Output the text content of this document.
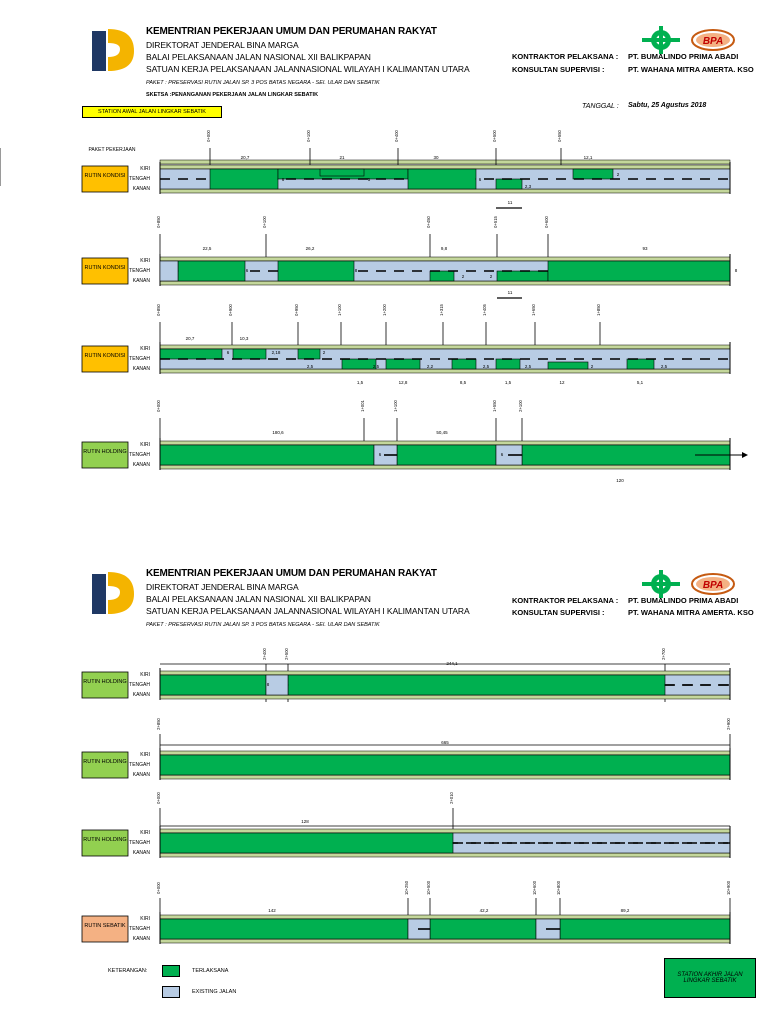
KEMENTRIAN PEKERJAAN UMUM DAN PERUMAHAN RAKYAT
DIREKTORAT JENDERAL BINA MARGA
BALAI PELAKSANAAN JALAN NASIONAL XII BALIKPAPAN
SATUAN KERJA PELAKSANAAN JALANNASIONAL WILAYAH I KALIMANTAN UTARA
PAKET : PRESERVASI RUTIN JALAN SP. 3 POS BATAS NEGARA - SEI. ULAR DAN SEBATIK
SKETSA :PENANGANAN PEKERJAAN JALAN LINGKAR SEBATIK
BPA
KONTRAKTOR PELAKSANA : PT. BUMALINDO PRIMA ABADI
KONSULTAN SUPERVISI :	PT. WAHANA MITRA AMERTA. KSO
TANGGAL : Sabtu, 25 Agustus 2018
STATION AWAL JALAN LINGKAR SEBATIK
KEMENTRIAN PEKERJAAN UMUM DAN PERUMAHAN RAKYAT
DIREKTORAT JENDERAL BINA MARGA
BALAI PELAKSANAAN JALAN NASIONAL XII BALIKPAPAN
SATUAN KERJA PELAKSANAAN JALANNASIONAL WILAYAH I KALIMANTAN UTARA
PAKET : PRESERVASI RUTIN JALAN SP. 3 POS BATAS NEGARA - SEI. ULAR DAN SEBATIK
BPA
KONTRAKTOR PELAKSANA : PT. BUMALINDO PRIMA ABADI
KONSULTAN SUPERVISI :	PT. WAHANA MITRA AMERTA. KSO
PAKET PEKERJAAN
0+000	0+100	0+400	0+500	0+550
RUTIN KONDISI
KIRI
TENGAH
KANAN
20,7	21	30	12,1
6	5	6
2
2,3
11
0+850	0+100	0+450	0+515	0+600
RUTIN KONDISI
KIRI
TENGAH
KANAN
22,5	26,2	9,8	93
6	8
2	2
8
11
0+850	0+900	0+950	1+100	1+200	1+315	1+405	1+650	1+850
RUTIN KONDISI
KIRI
TENGAH
KANAN
20,7	10,3
6	2,18	2
2,5	2,5	2,2	2,5	2,5	2	2,5
1,5	12,8	8,5	1,5	12	5,1
0+000	1+001	1+100	1+550	2+100
RUTIN HOLDING
KIRI
TENGAH
KANAN
180,6	50,45
6	6
120
2+400	2+500	2+700
RUTIN HOLDING
KIRI
TENGAH
KANAN
244,1
8
2+850	2+900
RUTIN HOLDING
KIRI
TENGAH
KANAN
665
0+000	2+010
RUTIN HOLDING
KIRI
TENGAH
KANAN
128
0+000	10+250	10+500	10+600	10+800	10+900
RUTIN SEBATIK
KIRI
TENGAH
KANAN
142	42,2	89,2
KETERANGAN:	TERLAKSANA
EXISTING JALAN
STATION AKHIR JALAN LINGKAR SEBATIK
